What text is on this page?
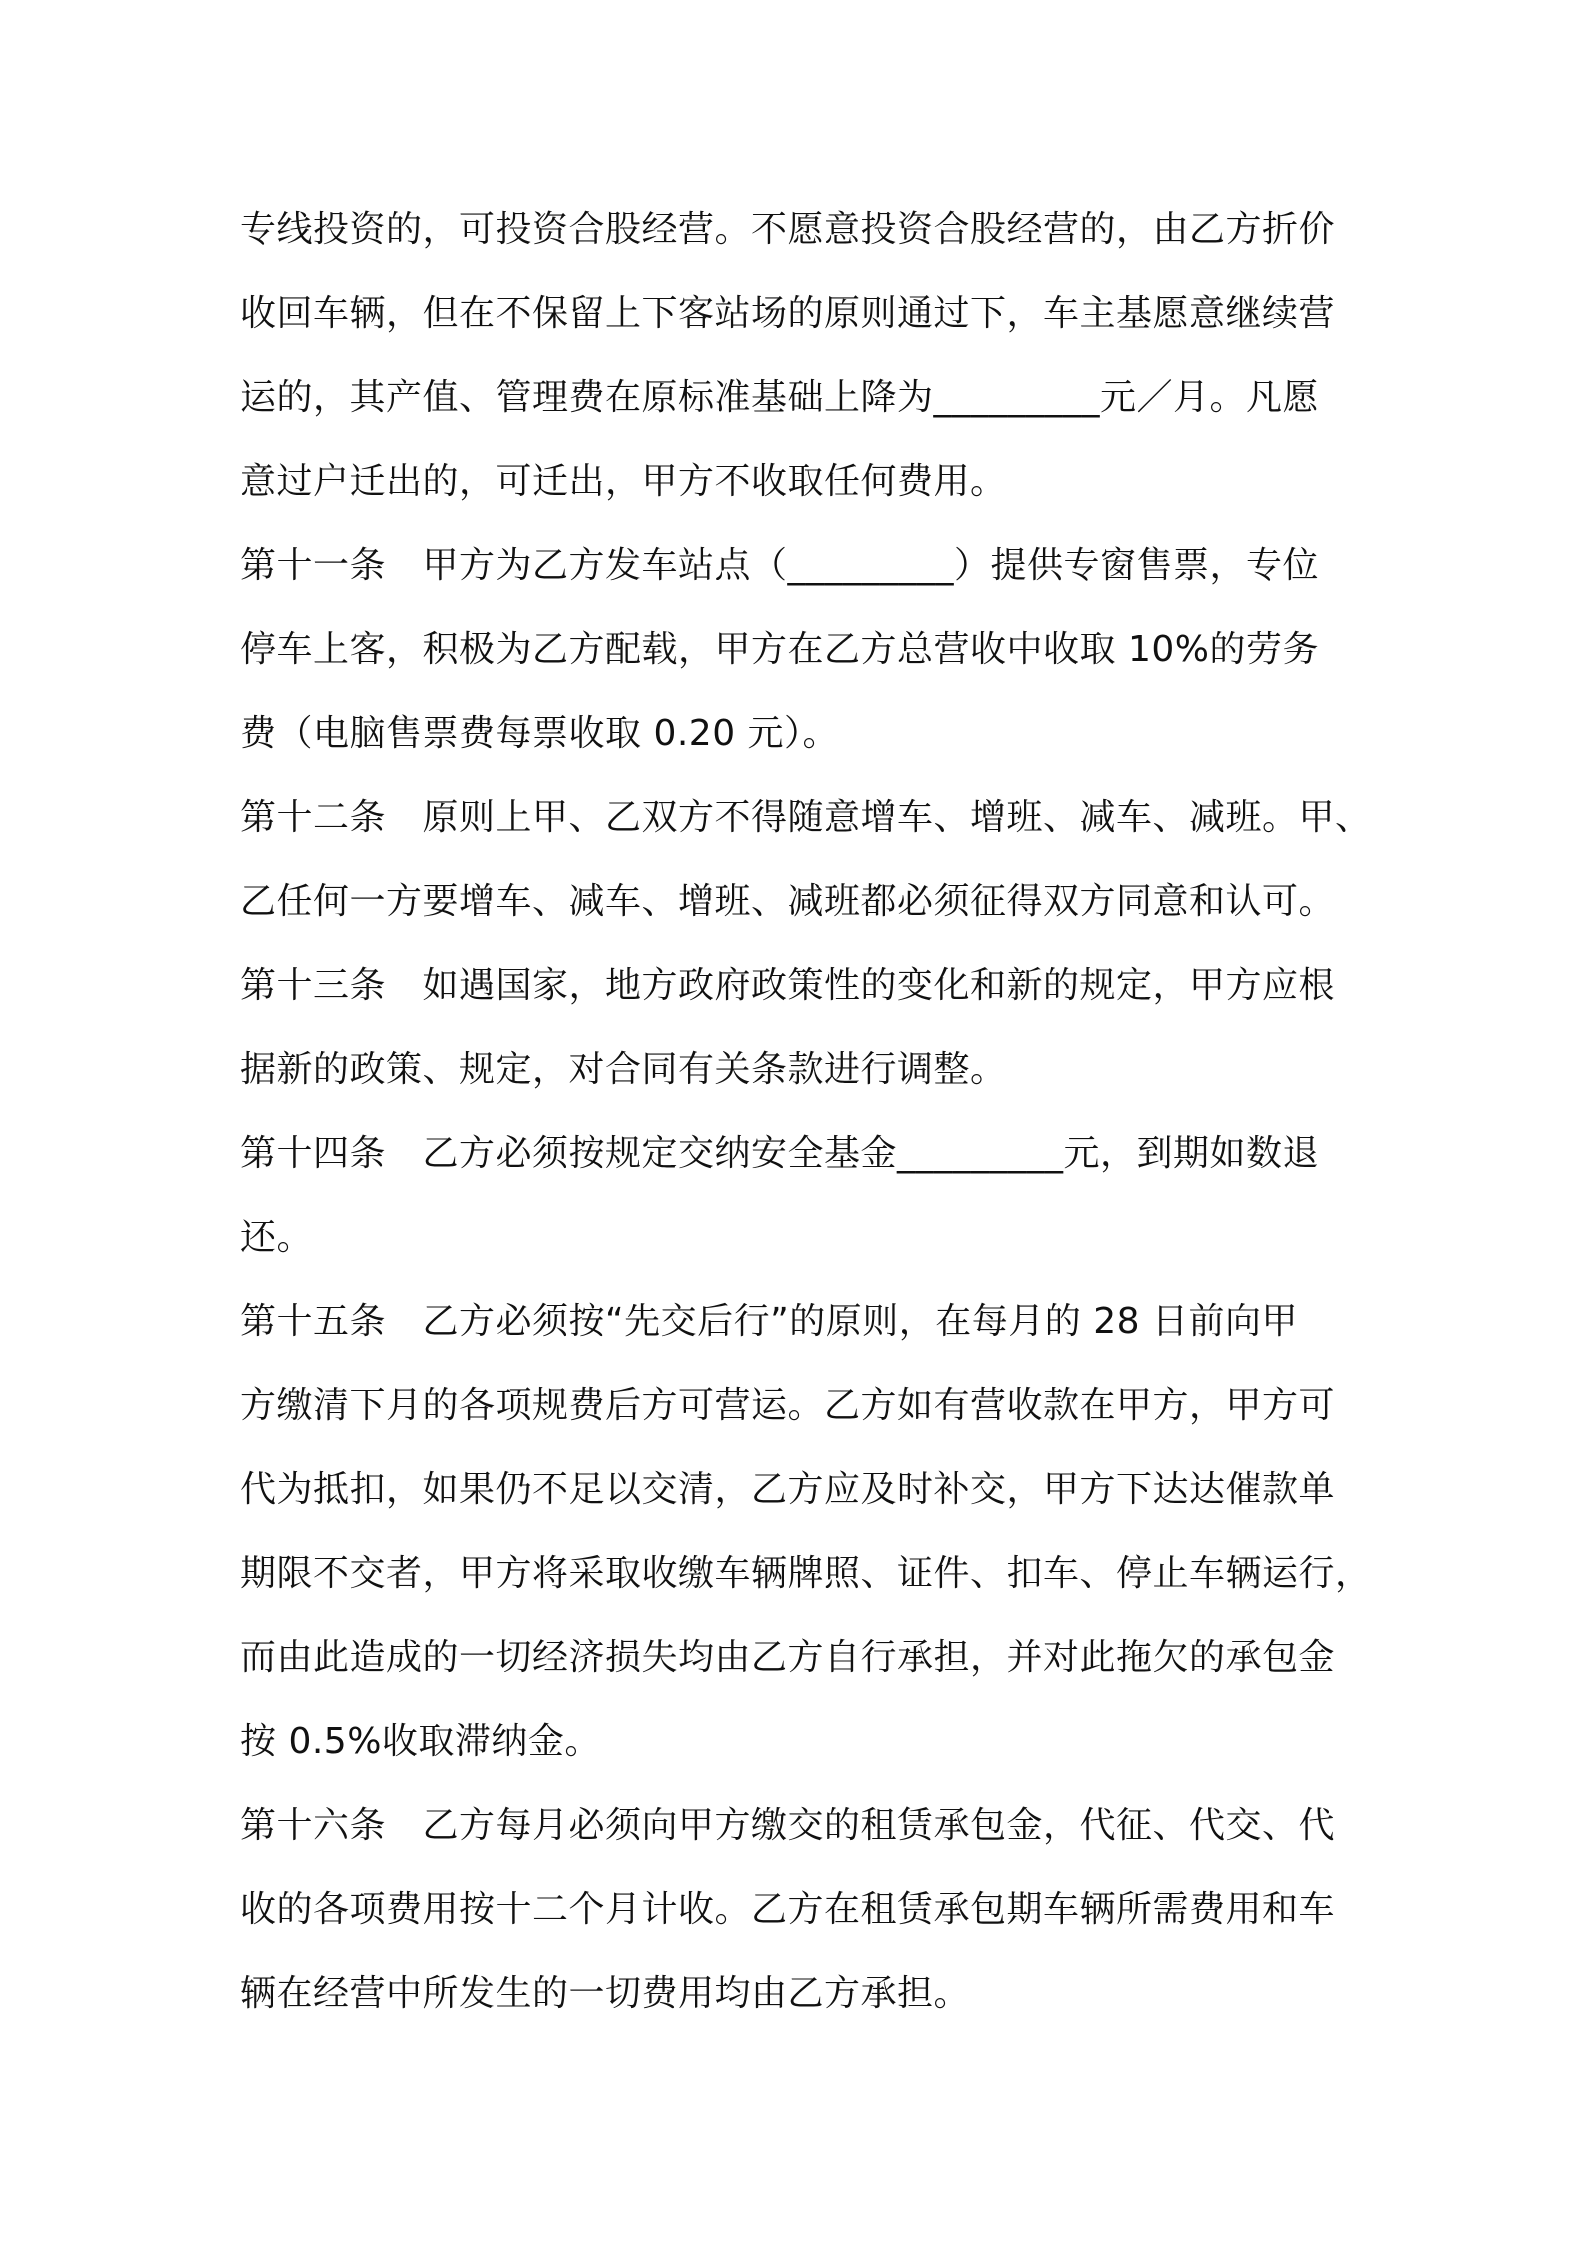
专线投资的，可投资合股经营。不愿意投资合股经营的，由乙方折价
收回车辆，但在不保留上下客站场的原则通过下，车主基愿意继续营
运的，其产值、管理费在原标准基础上降为_________元／月。凡愿
意过户迁出的，可迁出，甲方不收取任何费用。
第十一条　甲方为乙方发车站点（_________）提供专窗售票，专位
停车上客，积极为乙方配载，甲方在乙方总营收中收取 10%的劳务
费（电脑售票费每票收取 0.20 元）。
第十二条　原则上甲、乙双方不得随意增车、增班、减车、减班。甲、
乙任何一方要增车、减车、增班、减班都必须征得双方同意和认可。
第十三条　如遇国家，地方政府政策性的变化和新的规定，甲方应根
据新的政策、规定，对合同有关条款进行调整。
第十四条　乙方必须按规定交纳安全基金_________元，到期如数退
还。
第十五条　乙方必须按“先交后行”的原则，在每月的 28 日前向甲
方缴清下月的各项规费后方可营运。乙方如有营收款在甲方，甲方可
代为抵扣，如果仍不足以交清，乙方应及时补交，甲方下达达催款单
期限不交者，甲方将采取收缴车辆牌照、证件、扣车、停止车辆运行，
而由此造成的一切经济损失均由乙方自行承担，并对此拖欠的承包金
按 0.5%收取滞纳金。
第十六条　乙方每月必须向甲方缴交的租赁承包金，代征、代交、代
收的各项费用按十二个月计收。乙方在租赁承包期车辆所需费用和车
辆在经营中所发生的一切费用均由乙方承担。
